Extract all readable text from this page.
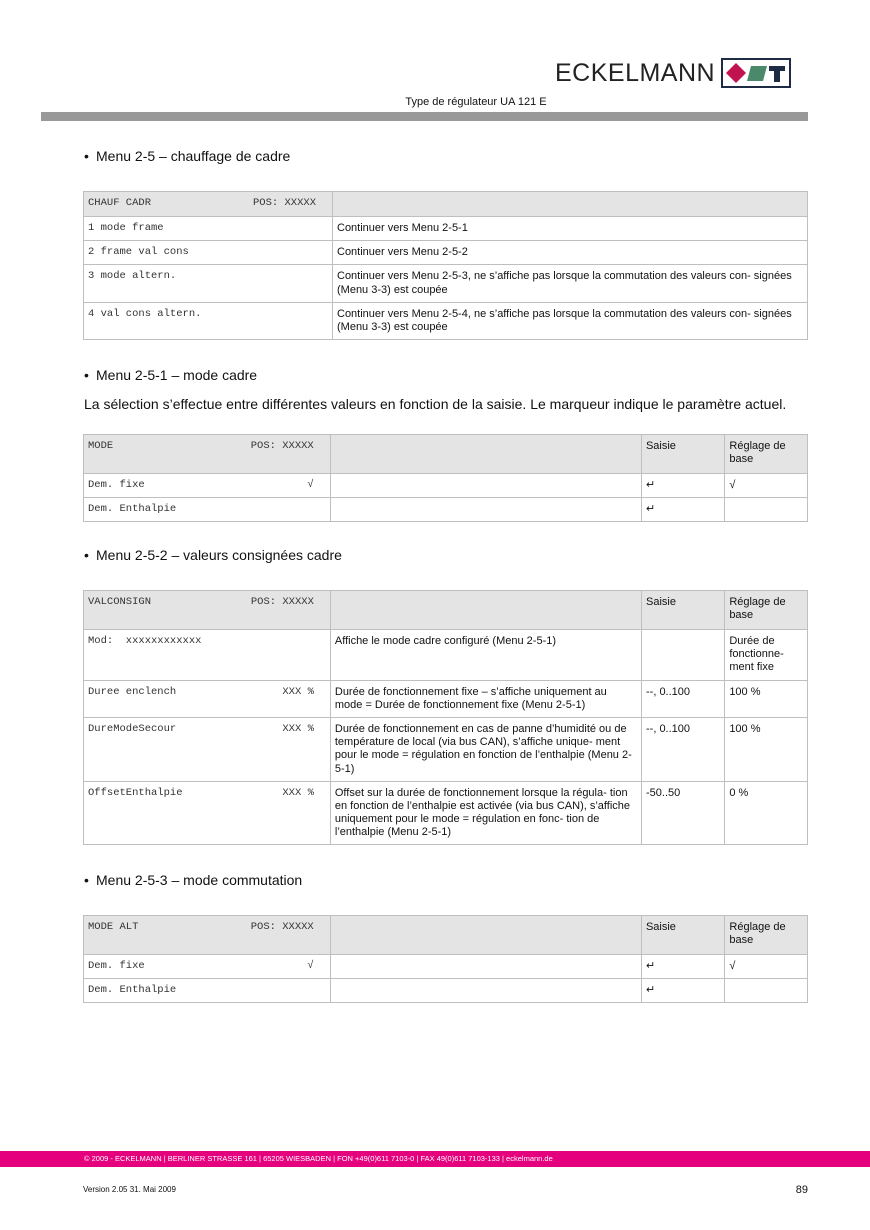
ECKELMANN
Type de régulateur UA 121 E
• Menu 2-5 – chauffage de cadre
CHAUF CADR POS: XXXXX	

1 mode frame	Continuer vers Menu 2-5-1
2 frame val cons	Continuer vers Menu 2-5-2
3 mode altern.	Continuer vers Menu 2-5-3, ne s’affiche pas lorsque la commutation des valeurs con- signées (Menu 3-3) est coupée
4 val cons altern.	Continuer vers Menu 2-5-4, ne s’affiche pas lorsque la commutation des valeurs con- signées (Menu 3-3) est coupée
• Menu 2-5-1 – mode cadre
La sélection s’effectue entre différentes valeurs en fonction de la saisie. Le marqueur indique le paramètre actuel.
MODE POS: XXXXX		Saisie	Réglage de base
Dem. fixe √		↵	√
Dem. Enthalpie		↵	
• Menu 2-5-2 – valeurs consignées cadre
VALCONSIGN POS: XXXXX		Saisie	Réglage de base
Mod:  xxxxxxxxxxxx	Affiche le mode cadre configuré (Menu 2-5-1)		Durée de fonctionne- ment fixe
Duree enclench XXX %	Durée de fonctionnement fixe – s’affiche uniquement au mode = Durée de fonctionnement fixe (Menu 2-5-1)	--, 0..100	100 %
DureModeSecour XXX %	Durée de fonctionnement en cas de panne d’humidité ou de température de local (via bus CAN), s’affiche unique- ment pour le mode = régulation en fonction de l’enthalpie (Menu 2-5-1)	--, 0..100	100 %
OffsetEnthalpie XXX %	Offset sur la durée de fonctionnement lorsque la régula- tion en fonction de l’enthalpie est activée (via bus CAN), s’affiche uniquement pour le mode = régulation en fonc- tion de l’enthalpie (Menu 2-5-1)	-50..50	0 %
• Menu 2-5-3 – mode commutation
MODE ALT POS: XXXXX		Saisie	Réglage de base
Dem. fixe √		↵	√
Dem. Enthalpie		↵	
© 2009 - ECKELMANN | BERLINER STRASSE 161 | 65205 WIESBADEN | FON +49(0)611 7103-0 | FAX 49(0)611 7103-133 | eckelmann.de
Version 2.05 31. Mai 2009	89
